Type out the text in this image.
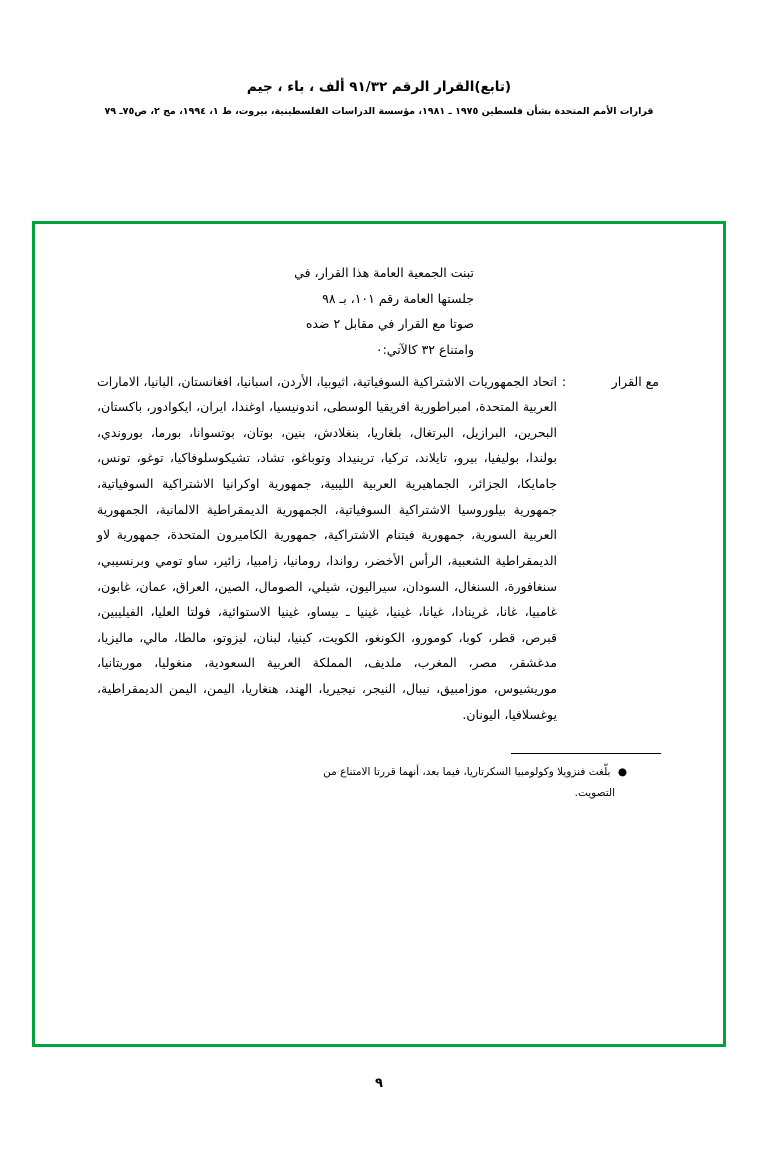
(تابع)القرار الرقم ٩١/٣٢ ألف ، باء ، جيم
قرارات الأمم المتحدة بشأن فلسطين ١٩٧٥ ـ ١٩٨١، مؤسسة الدراسات الفلسطينية، بيروت، ط ١، ١٩٩٤، مج ٢، ص٧٥ـ ٧٩
تبنت الجمعية العامة هذا القرار، في
جلستها العامة رقم ١٠١، بـ ٩٨
صوتا مع القرار في مقابل ٢ ضده
وامتناع ٣٢ كالآتي:٠
مع القرار
:
اتحاد الجمهوريات الاشتراكية السوفياتية، اثيوبيا، الأردن، اسبانيا، افغانستان، البانيا، الامارات العربية المتحدة، امبراطورية افريقيا الوسطى، اندونيسيا، اوغندا، ايران، ايكوادور، باكستان، البحرين، البرازيل، البرتغال، بلغاريا، بنغلادش، بنين، بوتان، بوتسوانا، بورما، بوروندي، بولندا، بوليفيا، بيرو، تايلاند، تركيا، ترينيداد وتوباغو، تشاد، تشيكوسلوفاكيا، توغو، تونس، جامايكا، الجزائر، الجماهيرية العربية الليبية، جمهورية اوكرانيا الاشتراكية السوفياتية، جمهورية بيلوروسيا الاشتراكية السوفياتية، الجمهورية الديمقراطية الالمانية، الجمهورية العربية السورية، جمهورية فيتنام الاشتراكية، جمهورية الكاميرون المتحدة، جمهورية لاو الديمقراطية الشعبية، الرأس الأخضر، رواندا، رومانيا، زامبيا، زائير، ساو تومي وبرنسيبي، سنغافورة، السنغال، السودان، سيراليون، شيلي، الصومال، الصين، العراق، عمان، غابون، غامبيا، غانا، غرينادا، غيانا، غينيا، غينيا ـ بيساو، غينيا الاستوائية، فولتا العليا، الفيليبين، قبرص، قطر، كوبا، كومورو، الكونغو، الكويت، كينيا، لبنان، ليزوتو، مالطا، مالي، ماليزيا، مدغشقر، مصر، المغرب، ملديف، المملكة العربية السعودية، منغوليا، موريتانيا، موريشيوس، موزامبيق، نيبال، النيجر، نيجيريا، الهند، هنغاريا، اليمن، اليمن الديمقراطية، يوغسلافيا، اليونان.
● بلّغت فنزويلا وكولومبيا السكرتاريا، فيما بعد، أنهما قررتا الامتناع من
التصويت.
٩
